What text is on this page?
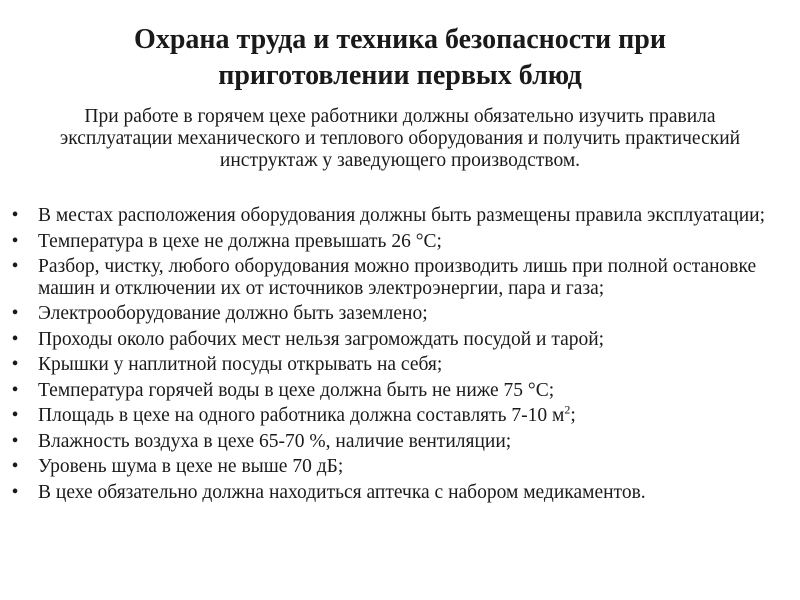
Охрана труда и техника безопасности при приготовлении первых блюд

При работе в горячем цехе работники должны обязательно изучить правила эксплуатации механического и теплового оборудования и получить практический инструктаж у заведующего производством.

• В местах расположения оборудования должны быть размещены правила эксплуатации;
• Температура в цехе не должна превышать 26 °С;
• Разбор, чистку, любого оборудования можно производить лишь при полной остановке машин и отключении их от источников электроэнергии, пара и газа;
• Электрооборудование должно быть заземлено;
• Проходы около рабочих мест нельзя загромождать посудой и тарой;
• Крышки у наплитной посуды открывать на себя;
• Температура горячей воды в цехе должна быть не ниже 75 °С;
• Площадь в цехе на одного работника должна составлять 7-10 $м^2$;
• Влажность воздуха в цехе 65-70 %, наличие вентиляции;
• Уровень шума в цехе не выше 70 дБ;
• В цехе обязательно должна находиться аптечка с набором медикаментов.
